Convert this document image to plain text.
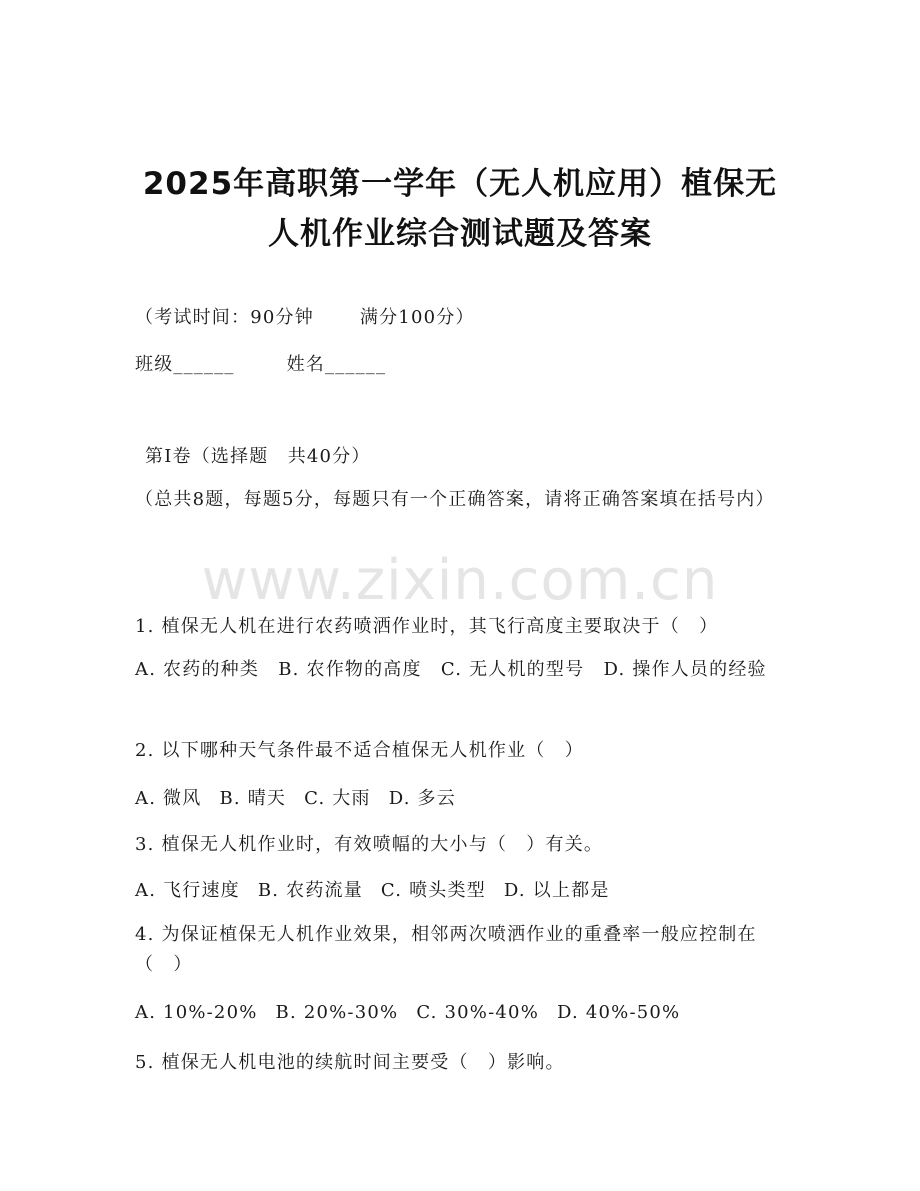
2025年高职第一学年（无人机应用）植保无
人机作业综合测试题及答案
（考试时间：90分钟	满分100分）
班级______	姓名______
第Ⅰ卷（选择题　共40分）
（总共8题，每题5分，每题只有一个正确答案，请将正确答案填在括号内）
www.zixin.com.cn
1. 植保无人机在进行农药喷洒作业时，其飞行高度主要取决于（　）
A. 农药的种类　B. 农作物的高度　C. 无人机的型号　D. 操作人员的经验
2. 以下哪种天气条件最不适合植保无人机作业（　）
A. 微风 B. 晴天 C. 大雨 D. 多云
3. 植保无人机作业时，有效喷幅的大小与（　）有关。
A. 飞行速度 B. 农药流量 C. 喷头类型 D. 以上都是
4. 为保证植保无人机作业效果，相邻两次喷洒作业的重叠率一般应控制在（　）
A. 10%-20% B. 20%-30% C. 30%-40% D. 40%-50%
5. 植保无人机电池的续航时间主要受（　）影响。
